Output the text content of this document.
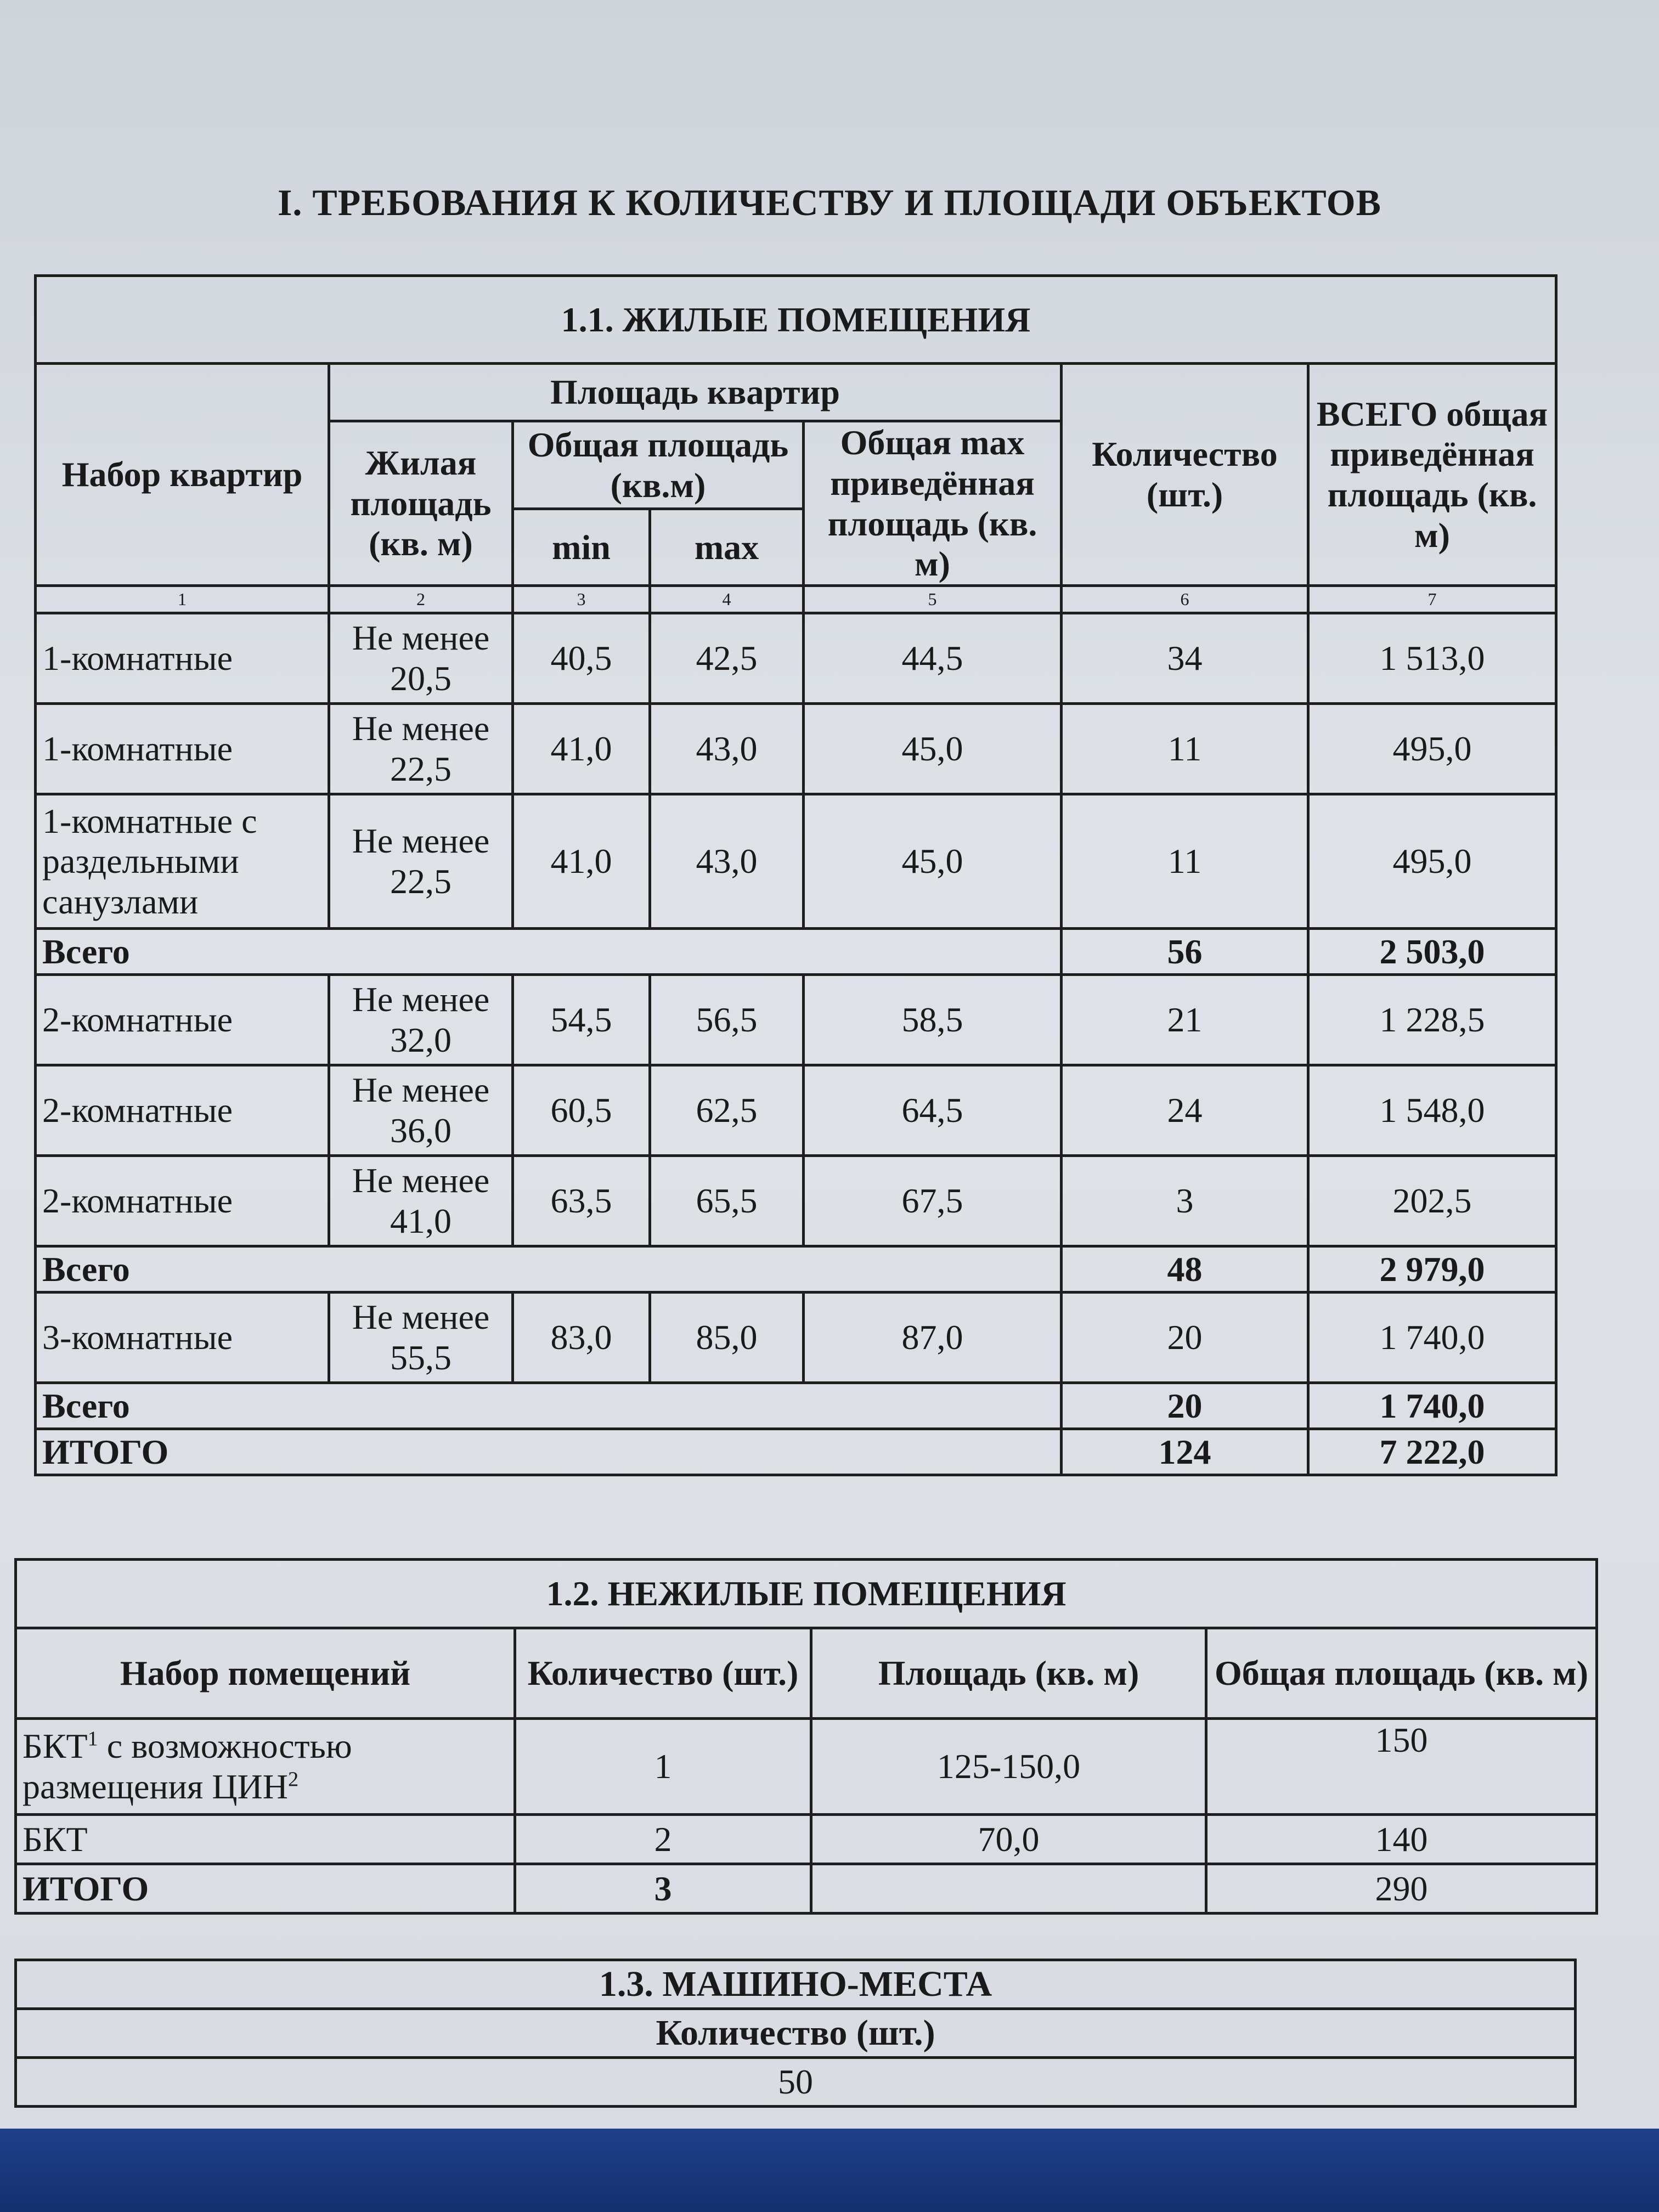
I. ТРЕБОВАНИЯ К КОЛИЧЕСТВУ И ПЛОЩАДИ ОБЪЕКТОВ
1.1. ЖИЛЫЕ ПОМЕЩЕНИЯ						
Набор квартир	Площадь квартир				Количество (шт.)	ВСЕГО общая приведённая площадь (кв. м)
	Жилая площадь (кв. м)	Общая площадь (кв.м)		Общая max приведённая площадь (кв. м)		
		min	max			
1	2	3	4	5	6	7
1-комнатные	Не менее 20,5	40,5	42,5	44,5	34	1 513,0
1-комнатные	Не менее 22,5	41,0	43,0	45,0	11	495,0
1-комнатные с раздельными санузлами	Не менее 22,5	41,0	43,0	45,0	11	495,0
Всего					56	2 503,0
2-комнатные	Не менее 32,0	54,5	56,5	58,5	21	1 228,5
2-комнатные	Не менее 36,0	60,5	62,5	64,5	24	1 548,0
2-комнатные	Не менее 41,0	63,5	65,5	67,5	3	202,5
Всего					48	2 979,0
3-комнатные	Не менее 55,5	83,0	85,0	87,0	20	1 740,0
Всего					20	1 740,0
ИТОГО					124	7 222,0
1.2. НЕЖИЛЫЕ ПОМЕЩЕНИЯ			
Набор помещений	Количество (шт.)	Площадь (кв. м)	Общая площадь (кв. м)
БКТ$^1$ с возможностью размещения ЦИН$^2$	1	125-150,0	150
БКТ	2	70,0	140
ИТОГО	3		290
1.3. МАШИНО-МЕСТА
Количество (шт.)
50
